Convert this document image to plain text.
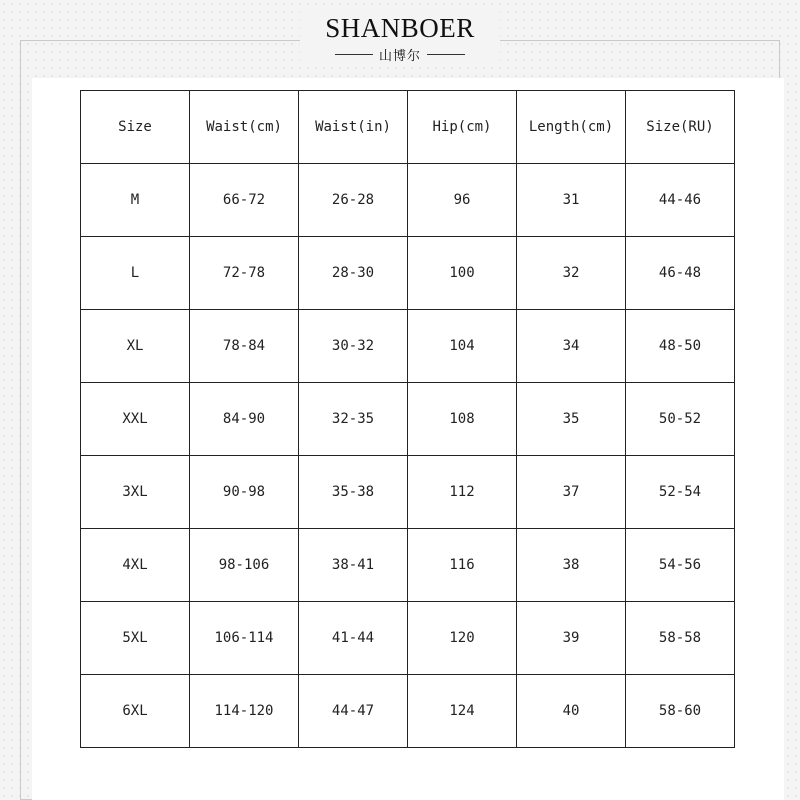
SHANBOER
山博尔
Size	Waist(cm)	Waist(in)	Hip(cm)	Length(cm)	Size(RU)
M	66-72	26-28	96	31	44-46
L	72-78	28-30	100	32	46-48
XL	78-84	30-32	104	34	48-50
XXL	84-90	32-35	108	35	50-52
3XL	90-98	35-38	112	37	52-54
4XL	98-106	38-41	116	38	54-56
5XL	106-114	41-44	120	39	58-58
6XL	114-120	44-47	124	40	58-60
